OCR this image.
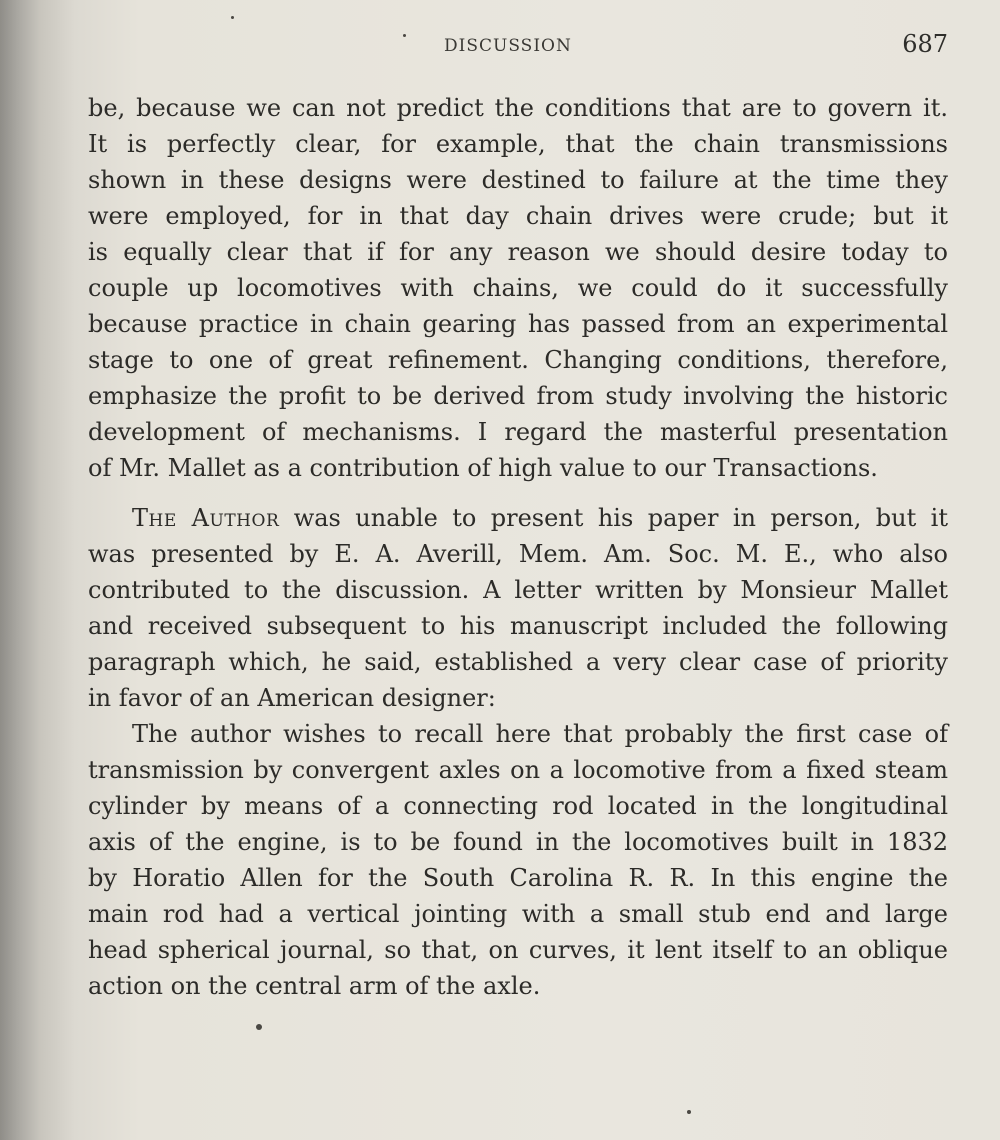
DISCUSSION	687
be, because we can not predict the conditions that are to govern it.
It is perfectly clear, for example, that the chain transmissions
shown in these designs were destined to failure at the time they
were employed, for in that day chain drives were crude; but it
is equally clear that if for any reason we should desire today to
couple up locomotives with chains, we could do it successfully
because practice in chain gearing has passed from an experimental
stage to one of great refinement. Changing conditions, therefore,
emphasize the profit to be derived from study involving the historic
development of mechanisms. I regard the masterful presentation
of Mr. Mallet as a contribution of high value to our Transactions.
The Author was unable to present his paper in person, but it
was presented by E. A. Averill, Mem. Am. Soc. M. E., who also
contributed to the discussion. A letter written by Monsieur Mallet
and received subsequent to his manuscript included the following
paragraph which, he said, established a very clear case of priority
in favor of an American designer:
The author wishes to recall here that probably the first case of
transmission by convergent axles on a locomotive from a fixed steam
cylinder by means of a connecting rod located in the longitudinal
axis of the engine, is to be found in the locomotives built in 1832
by Horatio Allen for the South Carolina R. R. In this engine the
main rod had a vertical jointing with a small stub end and large
head spherical journal, so that, on curves, it lent itself to an oblique
action on the central arm of the axle.
